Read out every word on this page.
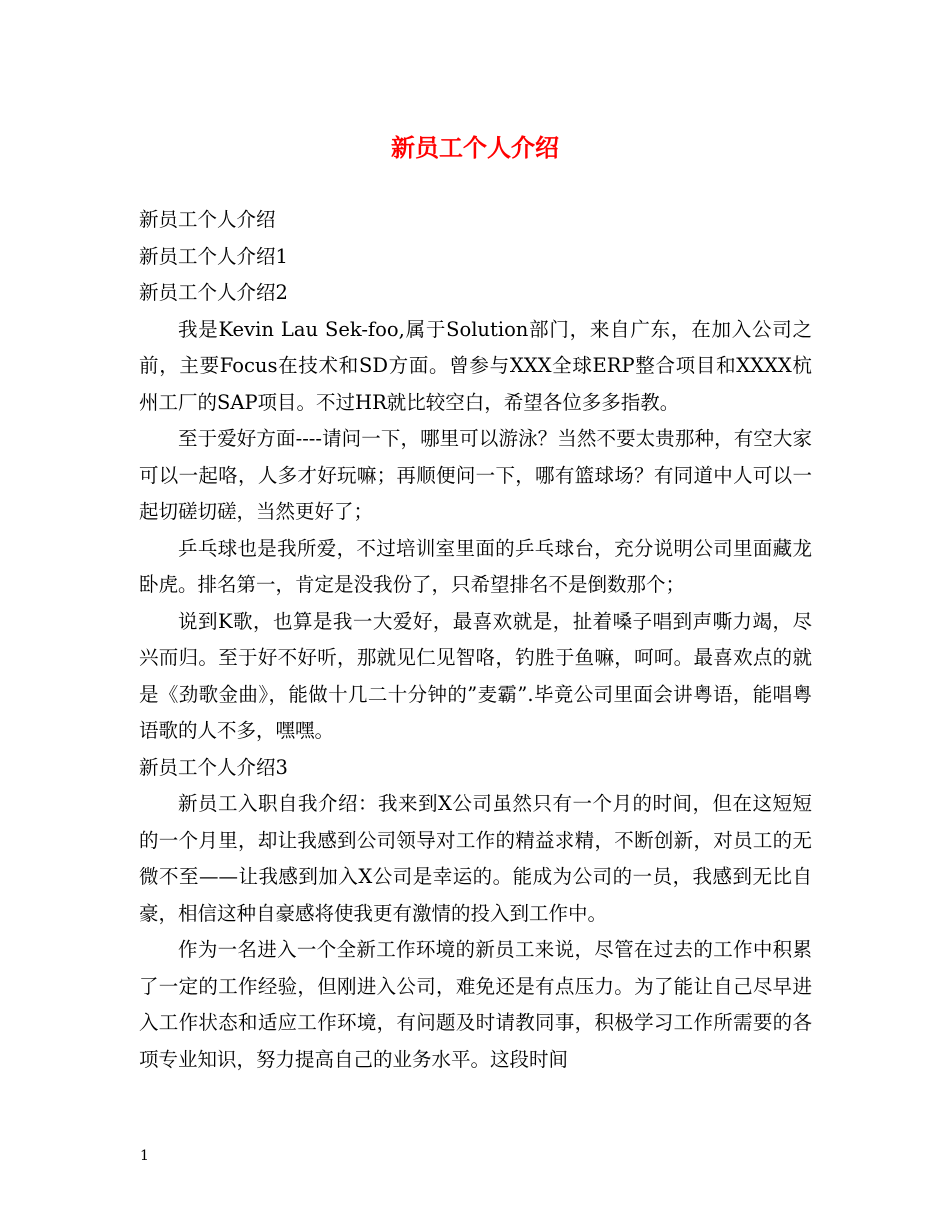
新员工个人介绍

新员工个人介绍

新员工个人介绍1

新员工个人介绍2

我是Kevin Lau Sek-foo,属于Solution部门，来自广东，在加入公司之前，主要Focus在技术和SD方面。曾参与XXX全球ERP整合项目和XXXX杭州工厂的SAP项目。不过HR就比较空白，希望各位多多指教。

至于爱好方面----请问一下，哪里可以游泳？当然不要太贵那种，有空大家可以一起咯，人多才好玩嘛；再顺便问一下，哪有篮球场？有同道中人可以一起切磋切磋，当然更好了；

乒乓球也是我所爱，不过培训室里面的乒乓球台，充分说明公司里面藏龙卧虎。排名第一，肯定是没我份了，只希望排名不是倒数那个；

说到K歌，也算是我一大爱好，最喜欢就是，扯着嗓子唱到声嘶力竭，尽兴而归。至于好不好听，那就见仁见智咯，钓胜于鱼嘛，呵呵。最喜欢点的就是《劲歌金曲》，能做十几二十分钟的”麦霸”.毕竟公司里面会讲粤语，能唱粤语歌的人不多，嘿嘿。

新员工个人介绍3

新员工入职自我介绍：我来到X公司虽然只有一个月的时间，但在这短短的一个月里，却让我感到公司领导对工作的精益求精，不断创新，对员工的无微不至——让我感到加入X公司是幸运的。能成为公司的一员，我感到无比自豪，相信这种自豪感将使我更有激情的投入到工作中。

作为一名进入一个全新工作环境的新员工来说，尽管在过去的工作中积累了一定的工作经验，但刚进入公司，难免还是有点压力。为了能让自己尽早进入工作状态和适应工作环境，有问题及时请教同事，积极学习工作所需要的各项专业知识，努力提高自己的业务水平。这段时间

1
